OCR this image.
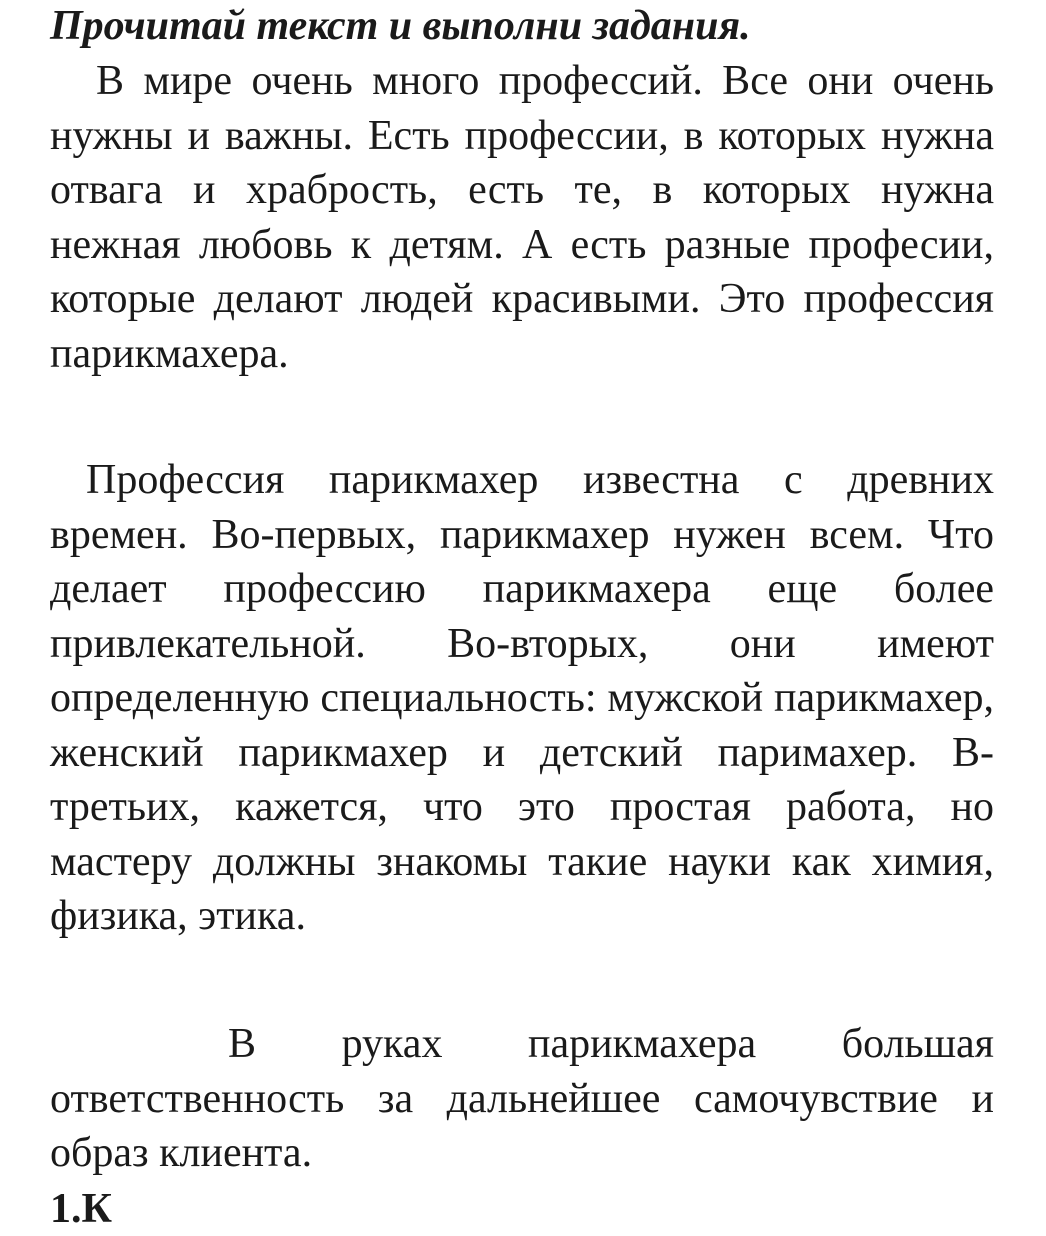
Прочитай текст и выполни задания.

В мире очень много профессий. Все они очень нужны и важны. Есть профессии, в которых нужна отвага и храбрость, есть те, в которых нужна нежная любовь к детям. А есть разные професии, которые делают людей красивыми. Это профессия парикмахера.

Профессия парикмахер известна с древних времен. Во-первых, парикмахер нужен всем. Что делает профессию парикмахера еще более привлекательной. Во-вторых, они имеют определенную специальность: мужской парикмахер, женский парикмахер и детский паримахер. В- третьих, кажется, что это простая работа, но мастеру должны знакомы такие науки как химия, физика, этика.

В руках парикмахера большая ответственность за дальнейшее самочувствие и образ клиента.

1.К
